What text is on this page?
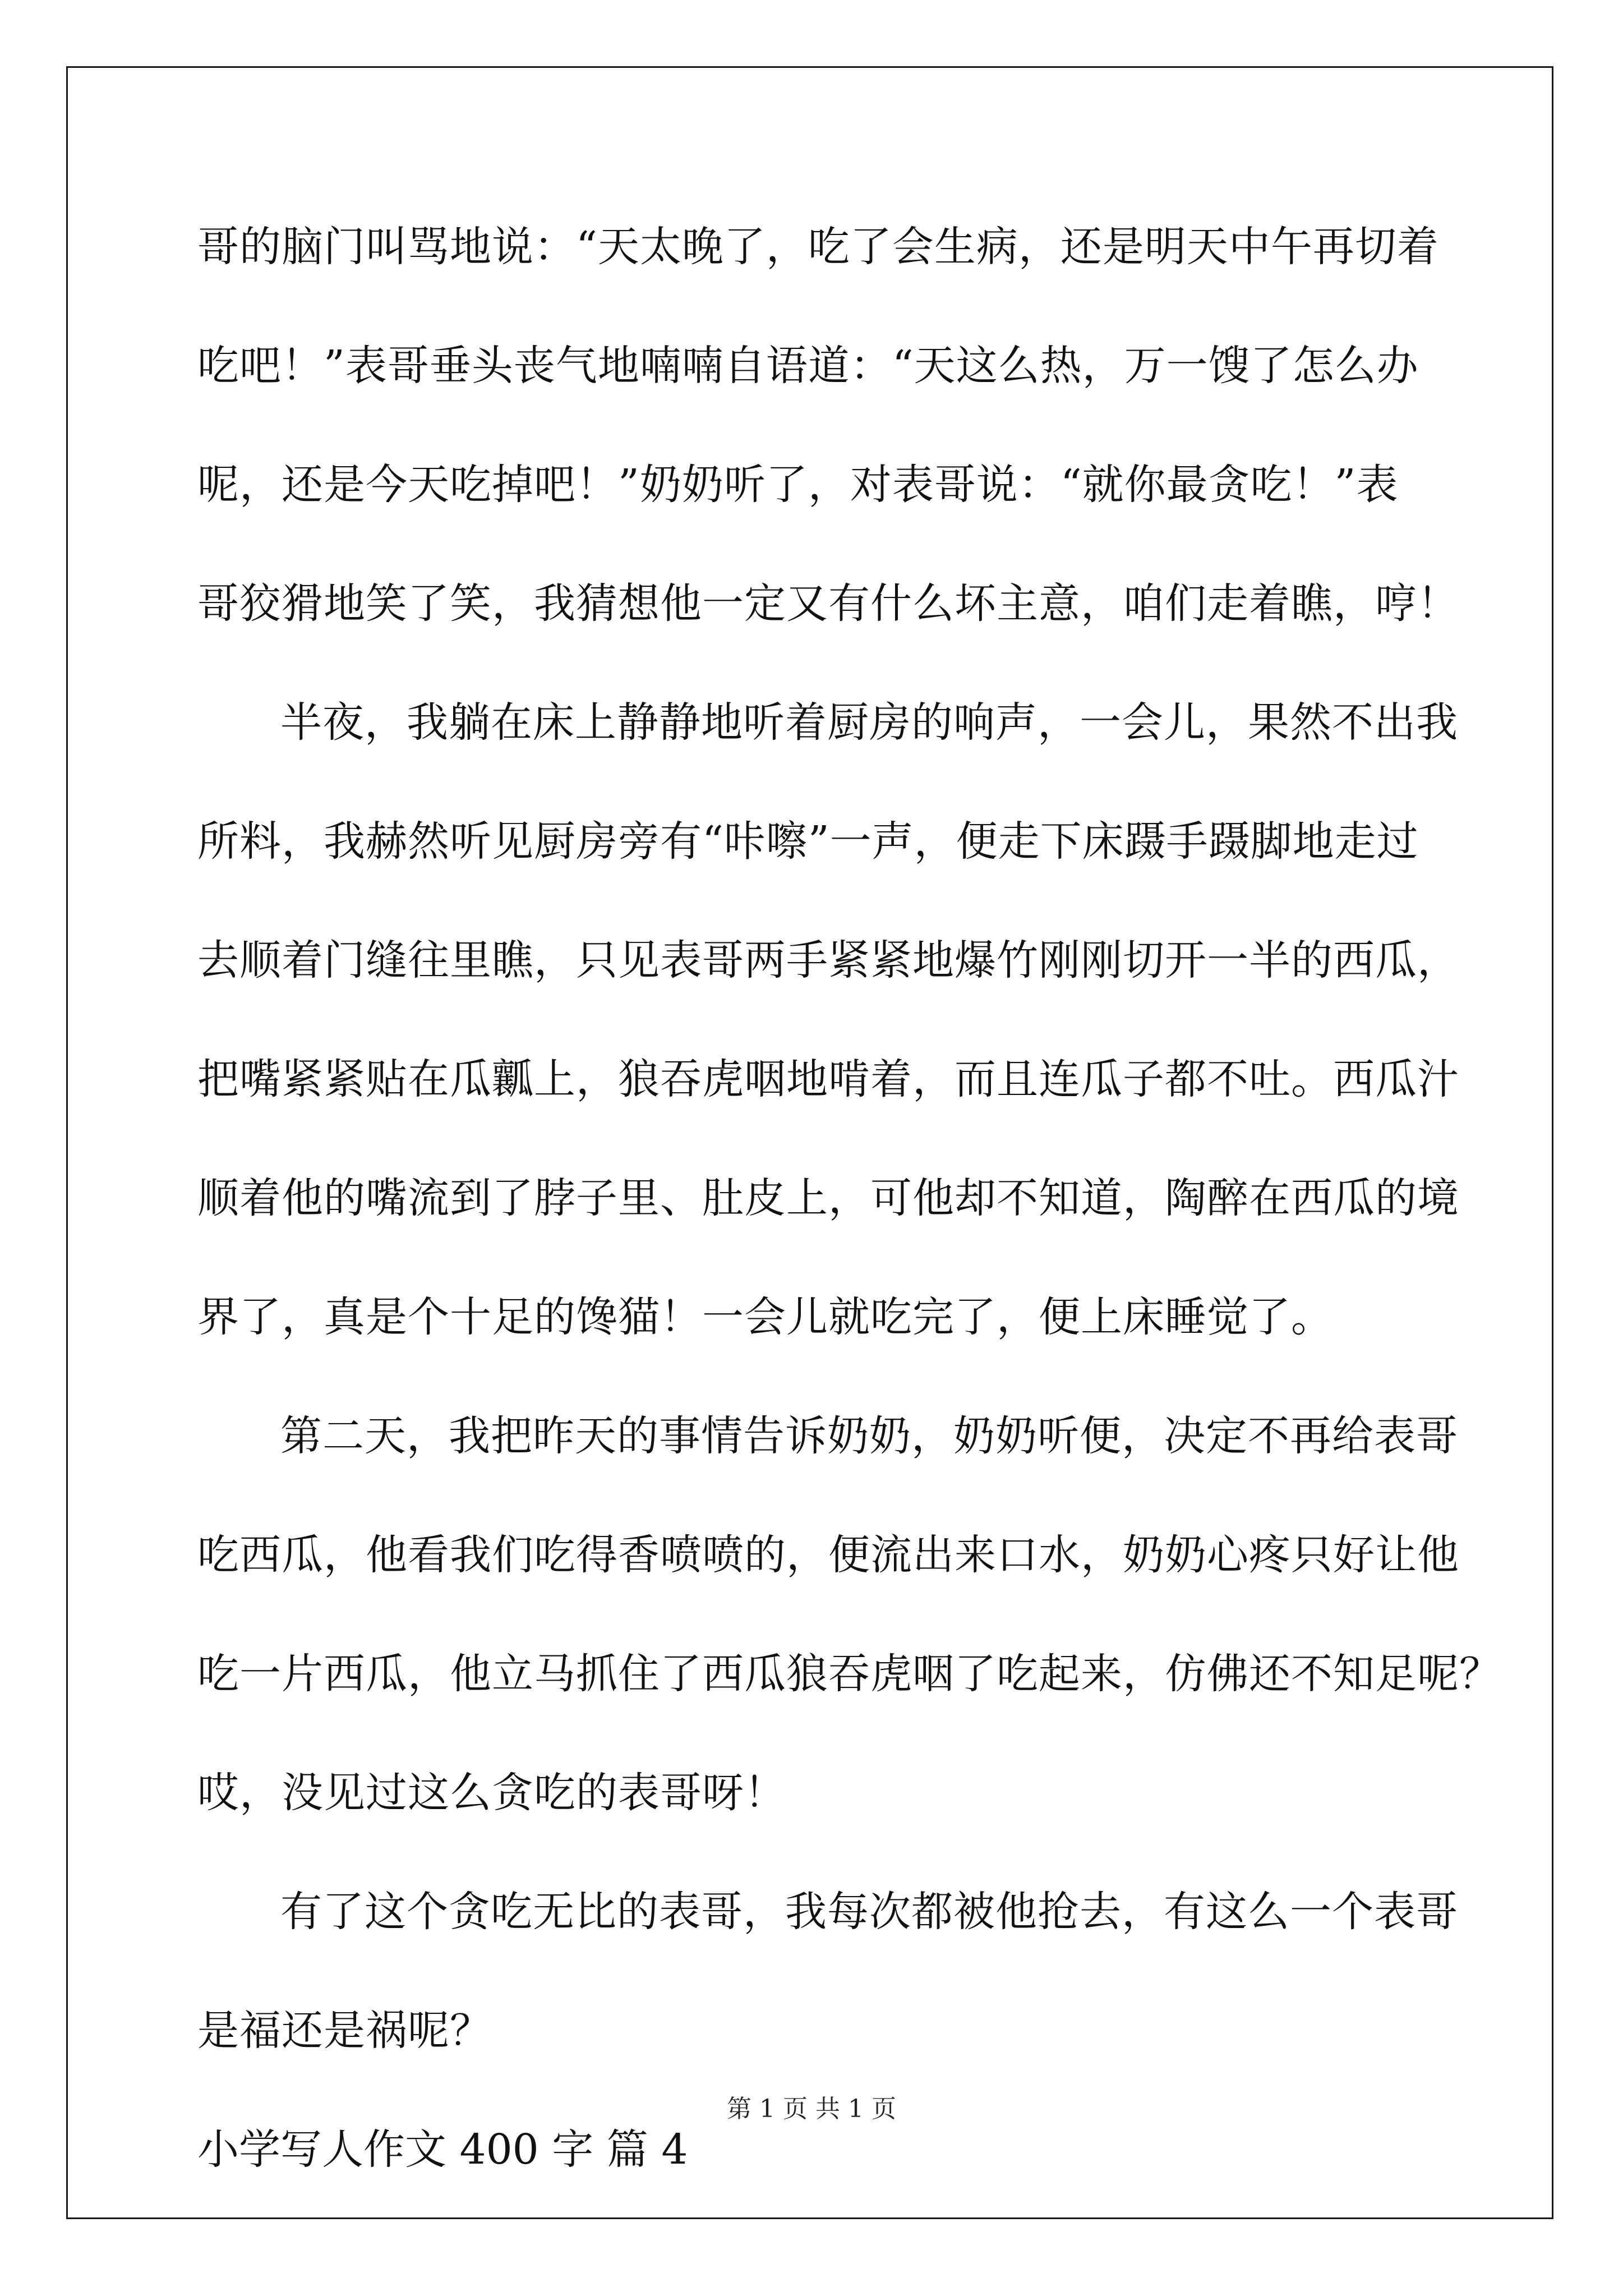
哥的脑门叫骂地说：“天太晚了，吃了会生病，还是明天中午再切着
吃吧！”表哥垂头丧气地喃喃自语道：“天这么热，万一馊了怎么办
呢，还是今天吃掉吧！”奶奶听了，对表哥说：“就你最贪吃！”表
哥狡猾地笑了笑，我猜想他一定又有什么坏主意，咱们走着瞧，哼！
半夜，我躺在床上静静地听着厨房的响声，一会儿，果然不出我
所料，我赫然听见厨房旁有“咔嚓”一声，便走下床蹑手蹑脚地走过
去顺着门缝往里瞧，只见表哥两手紧紧地爆竹刚刚切开一半的西瓜，
把嘴紧紧贴在瓜瓤上，狼吞虎咽地啃着，而且连瓜子都不吐。西瓜汁
顺着他的嘴流到了脖子里、肚皮上，可他却不知道，陶醉在西瓜的境
界了，真是个十足的馋猫！一会儿就吃完了，便上床睡觉了。
第二天，我把昨天的事情告诉奶奶，奶奶听便，决定不再给表哥
吃西瓜，他看我们吃得香喷喷的，便流出来口水，奶奶心疼只好让他
吃一片西瓜，他立马抓住了西瓜狼吞虎咽了吃起来，仿佛还不知足呢？
哎，没见过这么贪吃的表哥呀！
有了这个贪吃无比的表哥，我每次都被他抢去，有这么一个表哥
是福还是祸呢？
小学写人作文 400 字 篇 4
第 1 页 共 1 页
